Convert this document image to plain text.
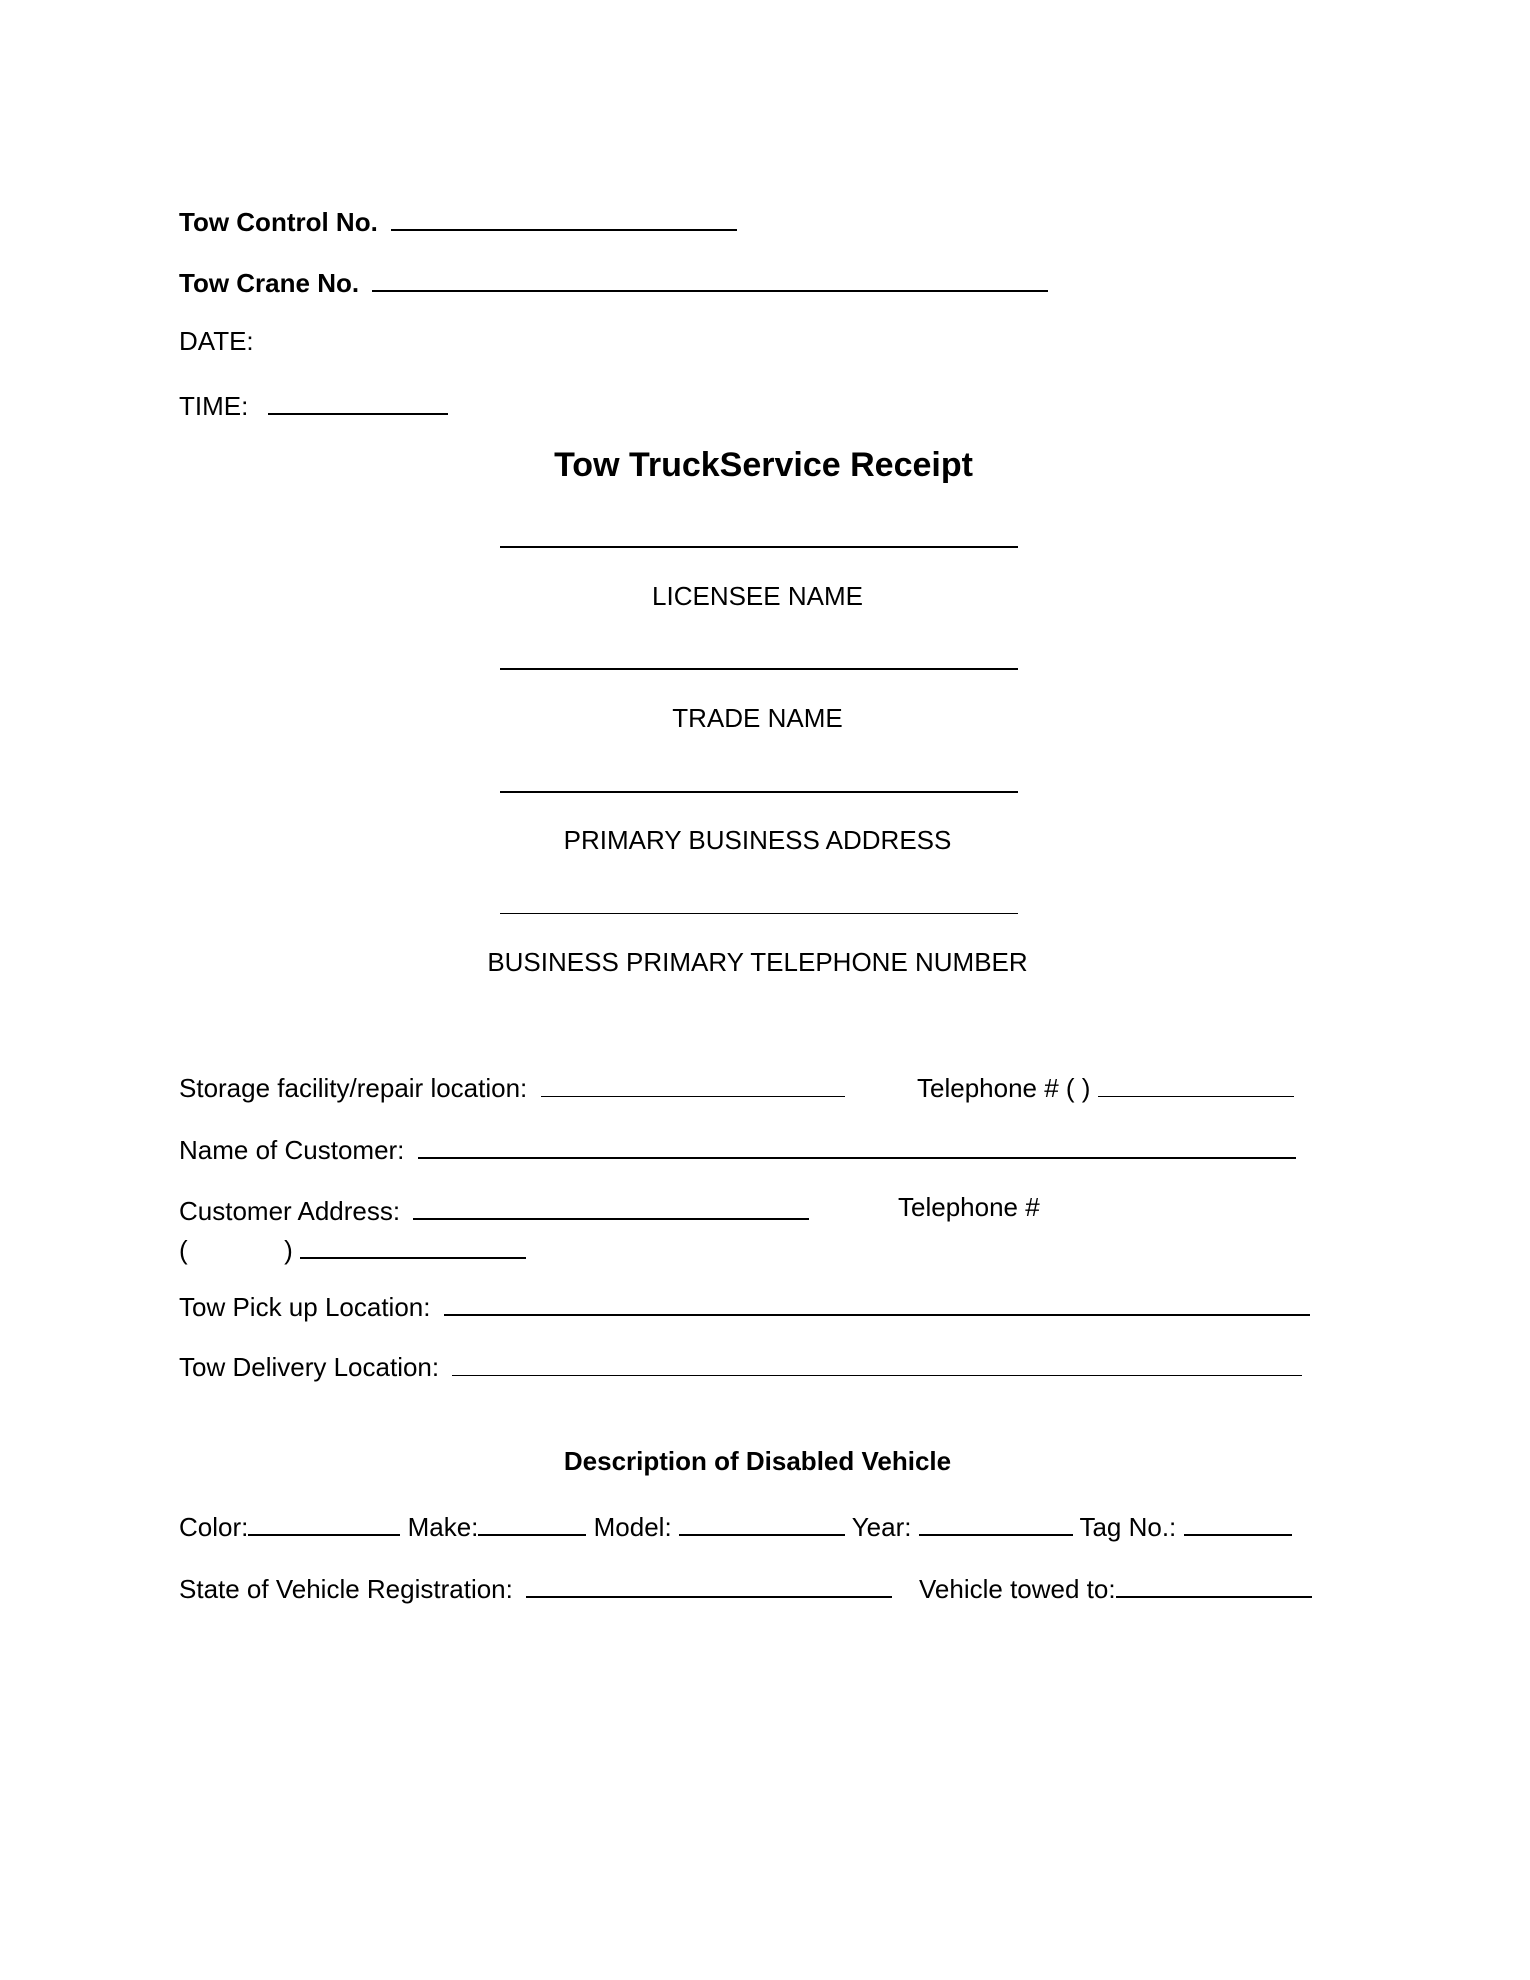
Tow Control No.
Tow Crane No.
DATE:
TIME:
Tow TruckService Receipt
LICENSEE NAME
TRADE NAME
PRIMARY BUSINESS ADDRESS
BUSINESS PRIMARY TELEPHONE NUMBER
Storage facility/repair location:	Telephone # ( )
Name of Customer:
Customer Address:	Telephone #
(	)
Tow Pick up Location:
Tow Delivery Location:
Description of Disabled Vehicle
Color:	Make:	Model:	Year:	Tag No.:
State of Vehicle Registration:	Vehicle towed to:
